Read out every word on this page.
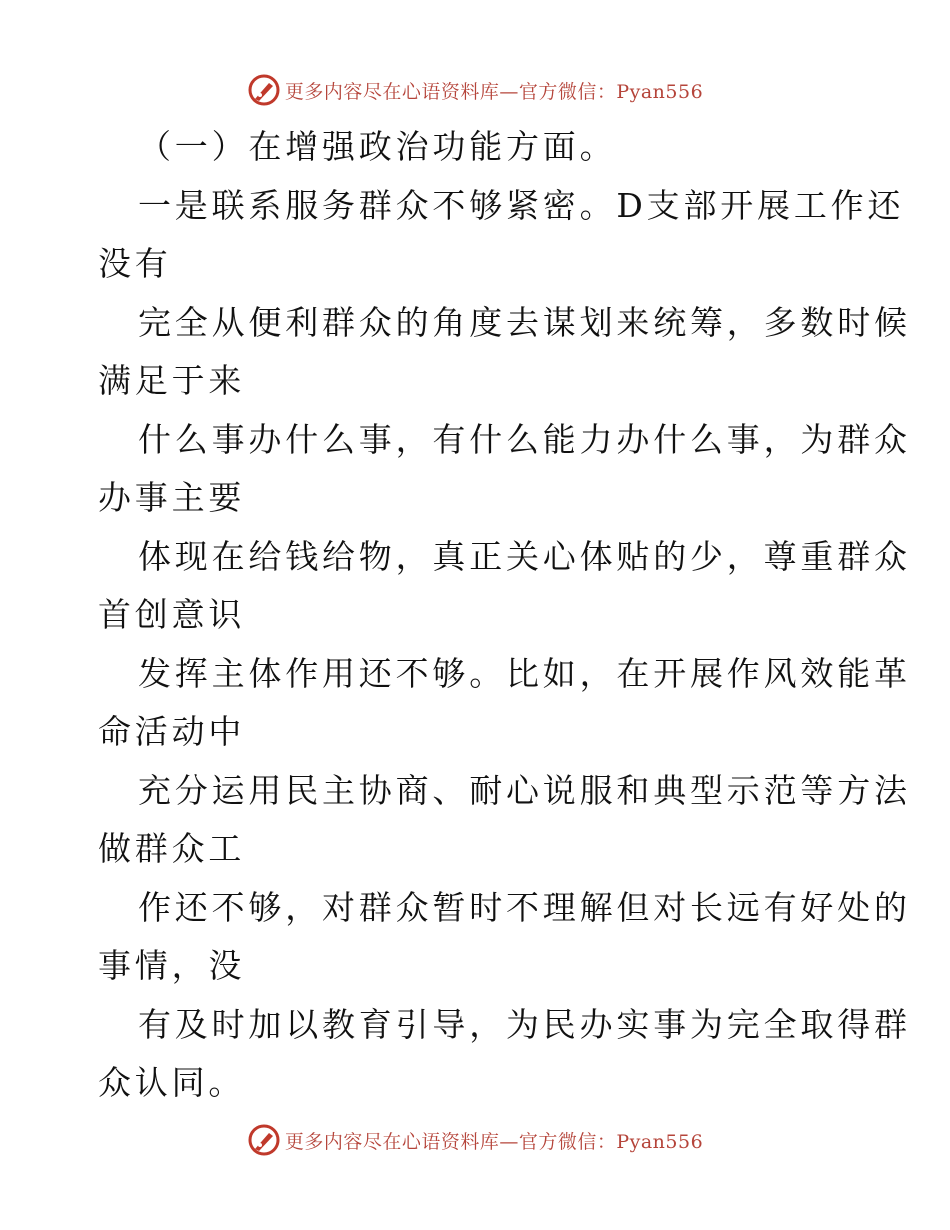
更多内容尽在心语资料库—官方微信：Pyan556
（一）在增强政治功能方面。
一是联系服务群众不够紧密。D支部开展工作还
没有
完全从便利群众的角度去谋划来统筹，多数时候
满足于来
什么事办什么事，有什么能力办什么事，为群众
办事主要
体现在给钱给物，真正关心体贴的少，尊重群众
首创意识
发挥主体作用还不够。比如，在开展作风效能革
命活动中
充分运用民主协商、耐心说服和典型示范等方法
做群众工
作还不够，对群众暂时不理解但对长远有好处的
事情，没
有及时加以教育引导，为民办实事为完全取得群
众认同。
更多内容尽在心语资料库—官方微信：Pyan556
